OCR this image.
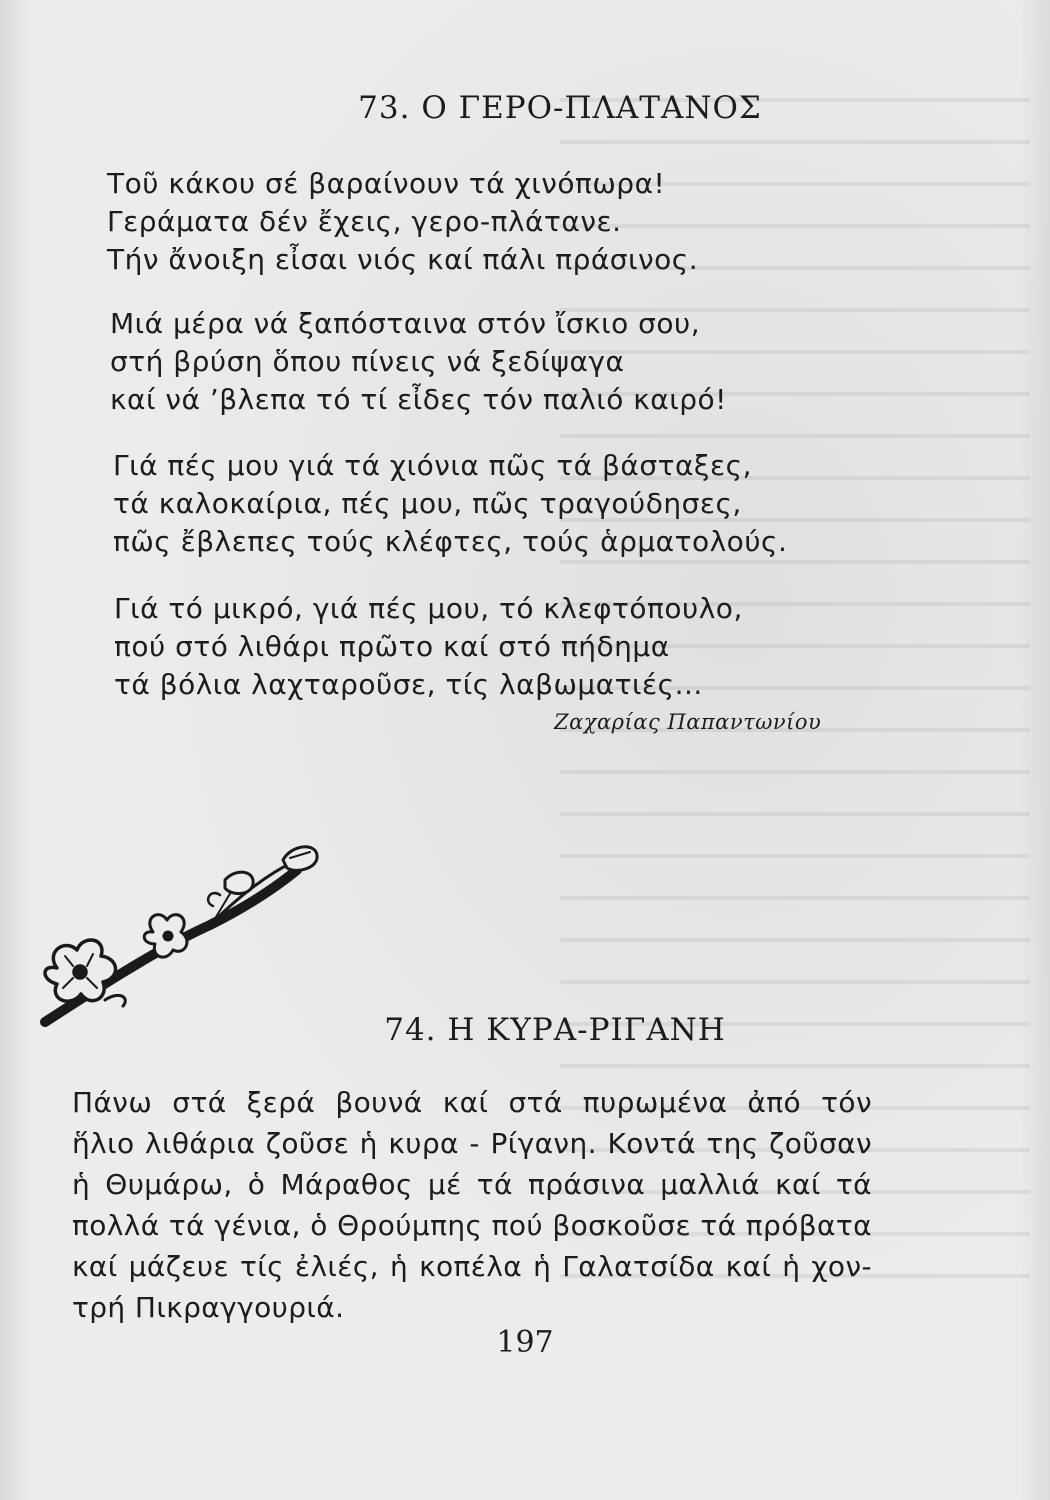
73. Ο ΓΕΡΟ-ΠΛΑΤΑΝΟΣ
Τοῦ κάκου σέ βαραίνουν τά χινόπωρα!
Γεράματα δέν ἔχεις, γερο-πλάτανε.
Τήν ἄνοιξη εἶσαι νιός καί πάλι πράσινος.
Μιά μέρα νά ξαπόσταινα στόν ἴσκιο σου,
στή βρύση ὅπου πίνεις νά ξεδίψαγα
καί νά ’βλεπα τό τί εἶδες τόν παλιό καιρό!
Γιά πές μου γιά τά χιόνια πῶς τά βάσταξες,
τά καλοκαίρια, πές μου, πῶς τραγούδησες,
πῶς ἔβλεπες τούς κλέφτες, τούς ἁρματολούς.
Γιά τό μικρό, γιά πές μου, τό κλεφτόπουλο,
πού στό λιθάρι πρῶτο καί στό πήδημα
τά βόλια λαχταροῦσε, τίς λαβωματιές...
Ζαχαρίας Παπαντωνίου
74. Η ΚΥΡΑ-ΡΙΓΑΝΗ
Πάνω στά ξερά βουνά καί στά πυρωμένα ἀπό τόν
ἥλιο λιθάρια ζοῦσε ἡ κυρα - Ρίγανη. Κοντά της ζοῦσαν
ἡ Θυμάρω, ὁ Μάραθος μέ τά πράσινα μαλλιά καί τά
πολλά τά γένια, ὁ Θρούμπης πού βοσκοῦσε τά πρόβατα
καί μάζευε τίς ἐλιές, ἡ κοπέλα ἡ Γαλατσίδα καί ἡ χον-
τρή Πικραγγουριά.
197
